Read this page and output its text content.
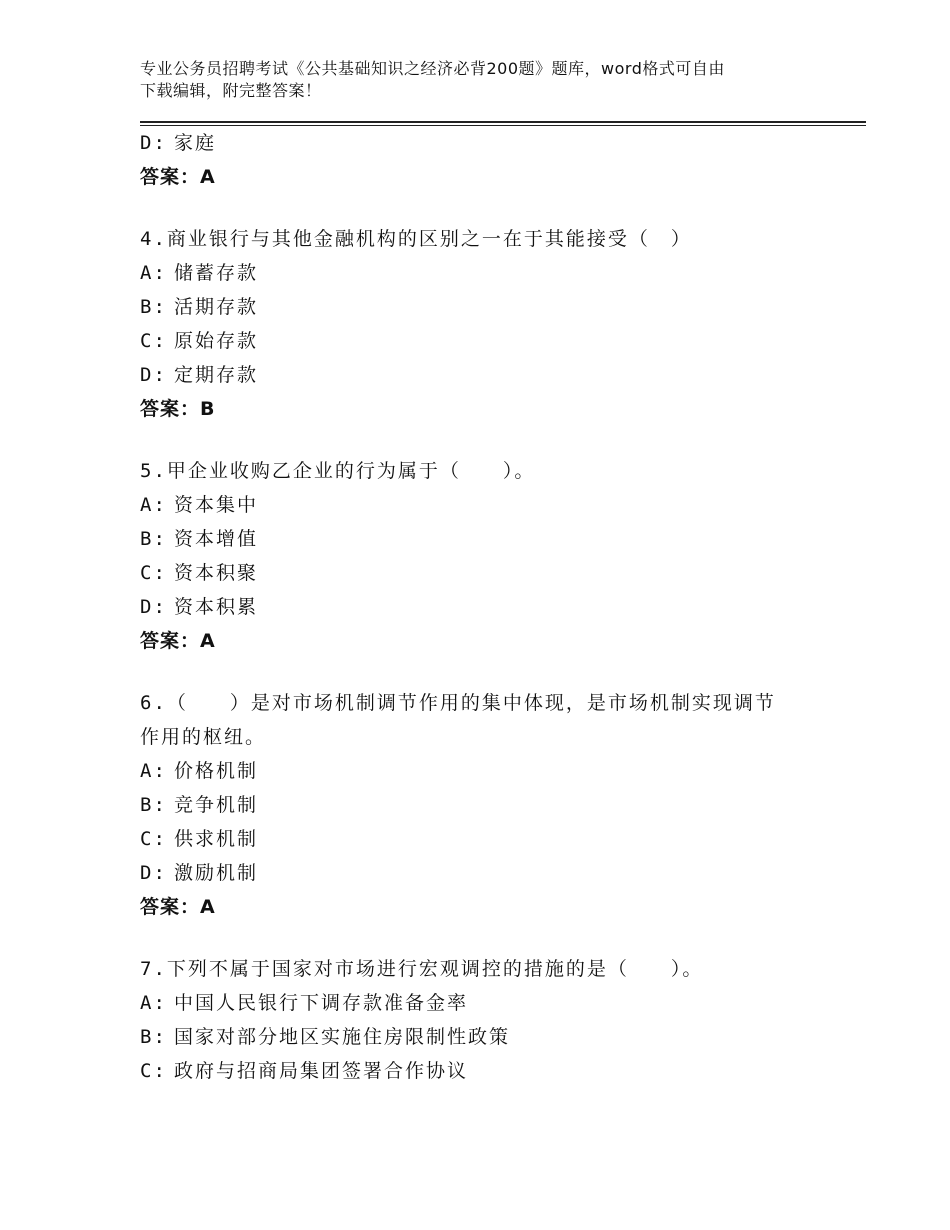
专业公务员招聘考试《公共基础知识之经济必背200题》题库，word格式可自由
下载编辑，附完整答案！
D: 家庭
答案：A
4.商业银行与其他金融机构的区别之一在于其能接受（　）
A: 储蓄存款
B: 活期存款
C: 原始存款
D: 定期存款
答案：B
5.甲企业收购乙企业的行为属于（　　）。
A: 资本集中
B: 资本增值
C: 资本积聚
D: 资本积累
答案：A
6.（　　）是对市场机制调节作用的集中体现，是市场机制实现调节
作用的枢纽。
A: 价格机制
B: 竞争机制
C: 供求机制
D: 激励机制
答案：A
7.下列不属于国家对市场进行宏观调控的措施的是（　　）。
A: 中国人民银行下调存款准备金率
B: 国家对部分地区实施住房限制性政策
C: 政府与招商局集团签署合作协议
